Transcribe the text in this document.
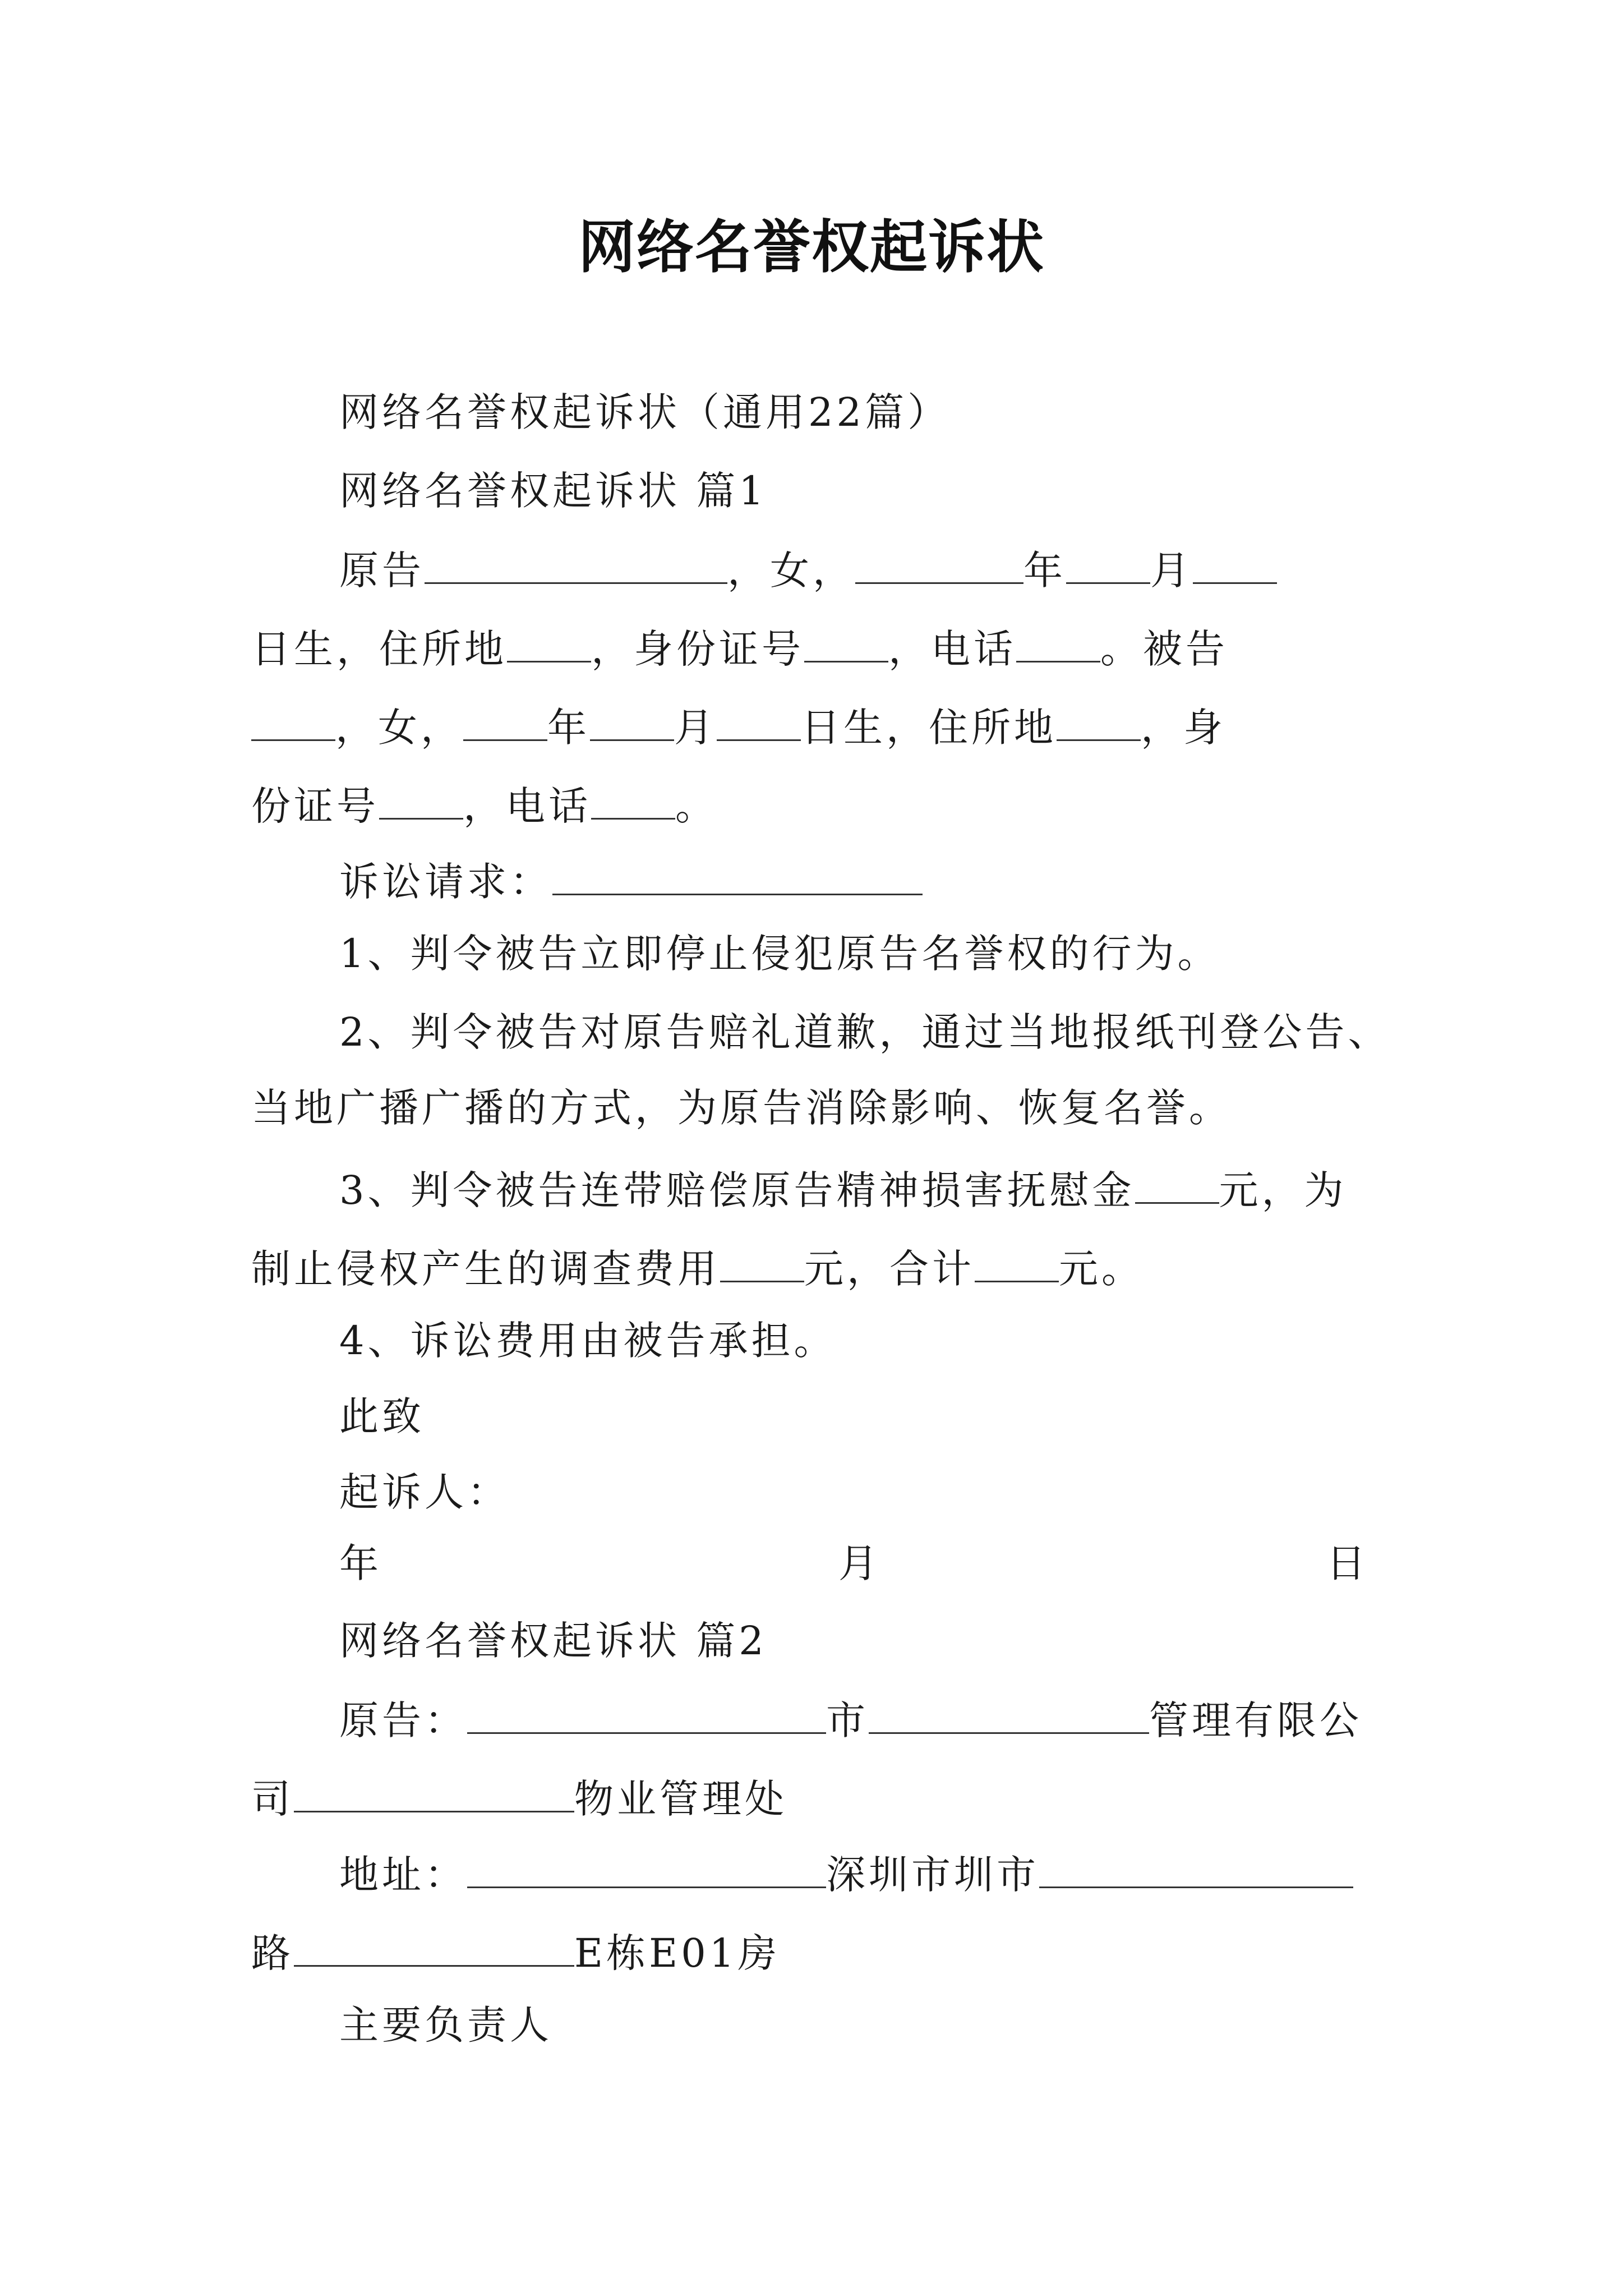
网络名誉权起诉状
网络名誉权起诉状（通用22篇）
网络名誉权起诉状 篇1
原告	，女，	年 月
日生，住所地 ，身份证号 ，电话 。被告
，女， 年 月 日生，住所地 ，身
份证号 ，电话 。
诉讼请求：
1、判令被告立即停止侵犯原告名誉权的行为。
2、判令被告对原告赔礼道歉，通过当地报纸刊登公告、
当地广播广播的方式，为原告消除影响、恢复名誉。
3、判令被告连带赔偿原告精神损害抚慰金 元，为
制止侵权产生的调查费用 元，合计 元。
4、诉讼费用由被告承担。
此致
起诉人：
年	月	日
网络名誉权起诉状 篇2
原告：	市	管理有限公
司	物业管理处
地址：	深圳市圳市
路	E栋E01房
主要负责人
